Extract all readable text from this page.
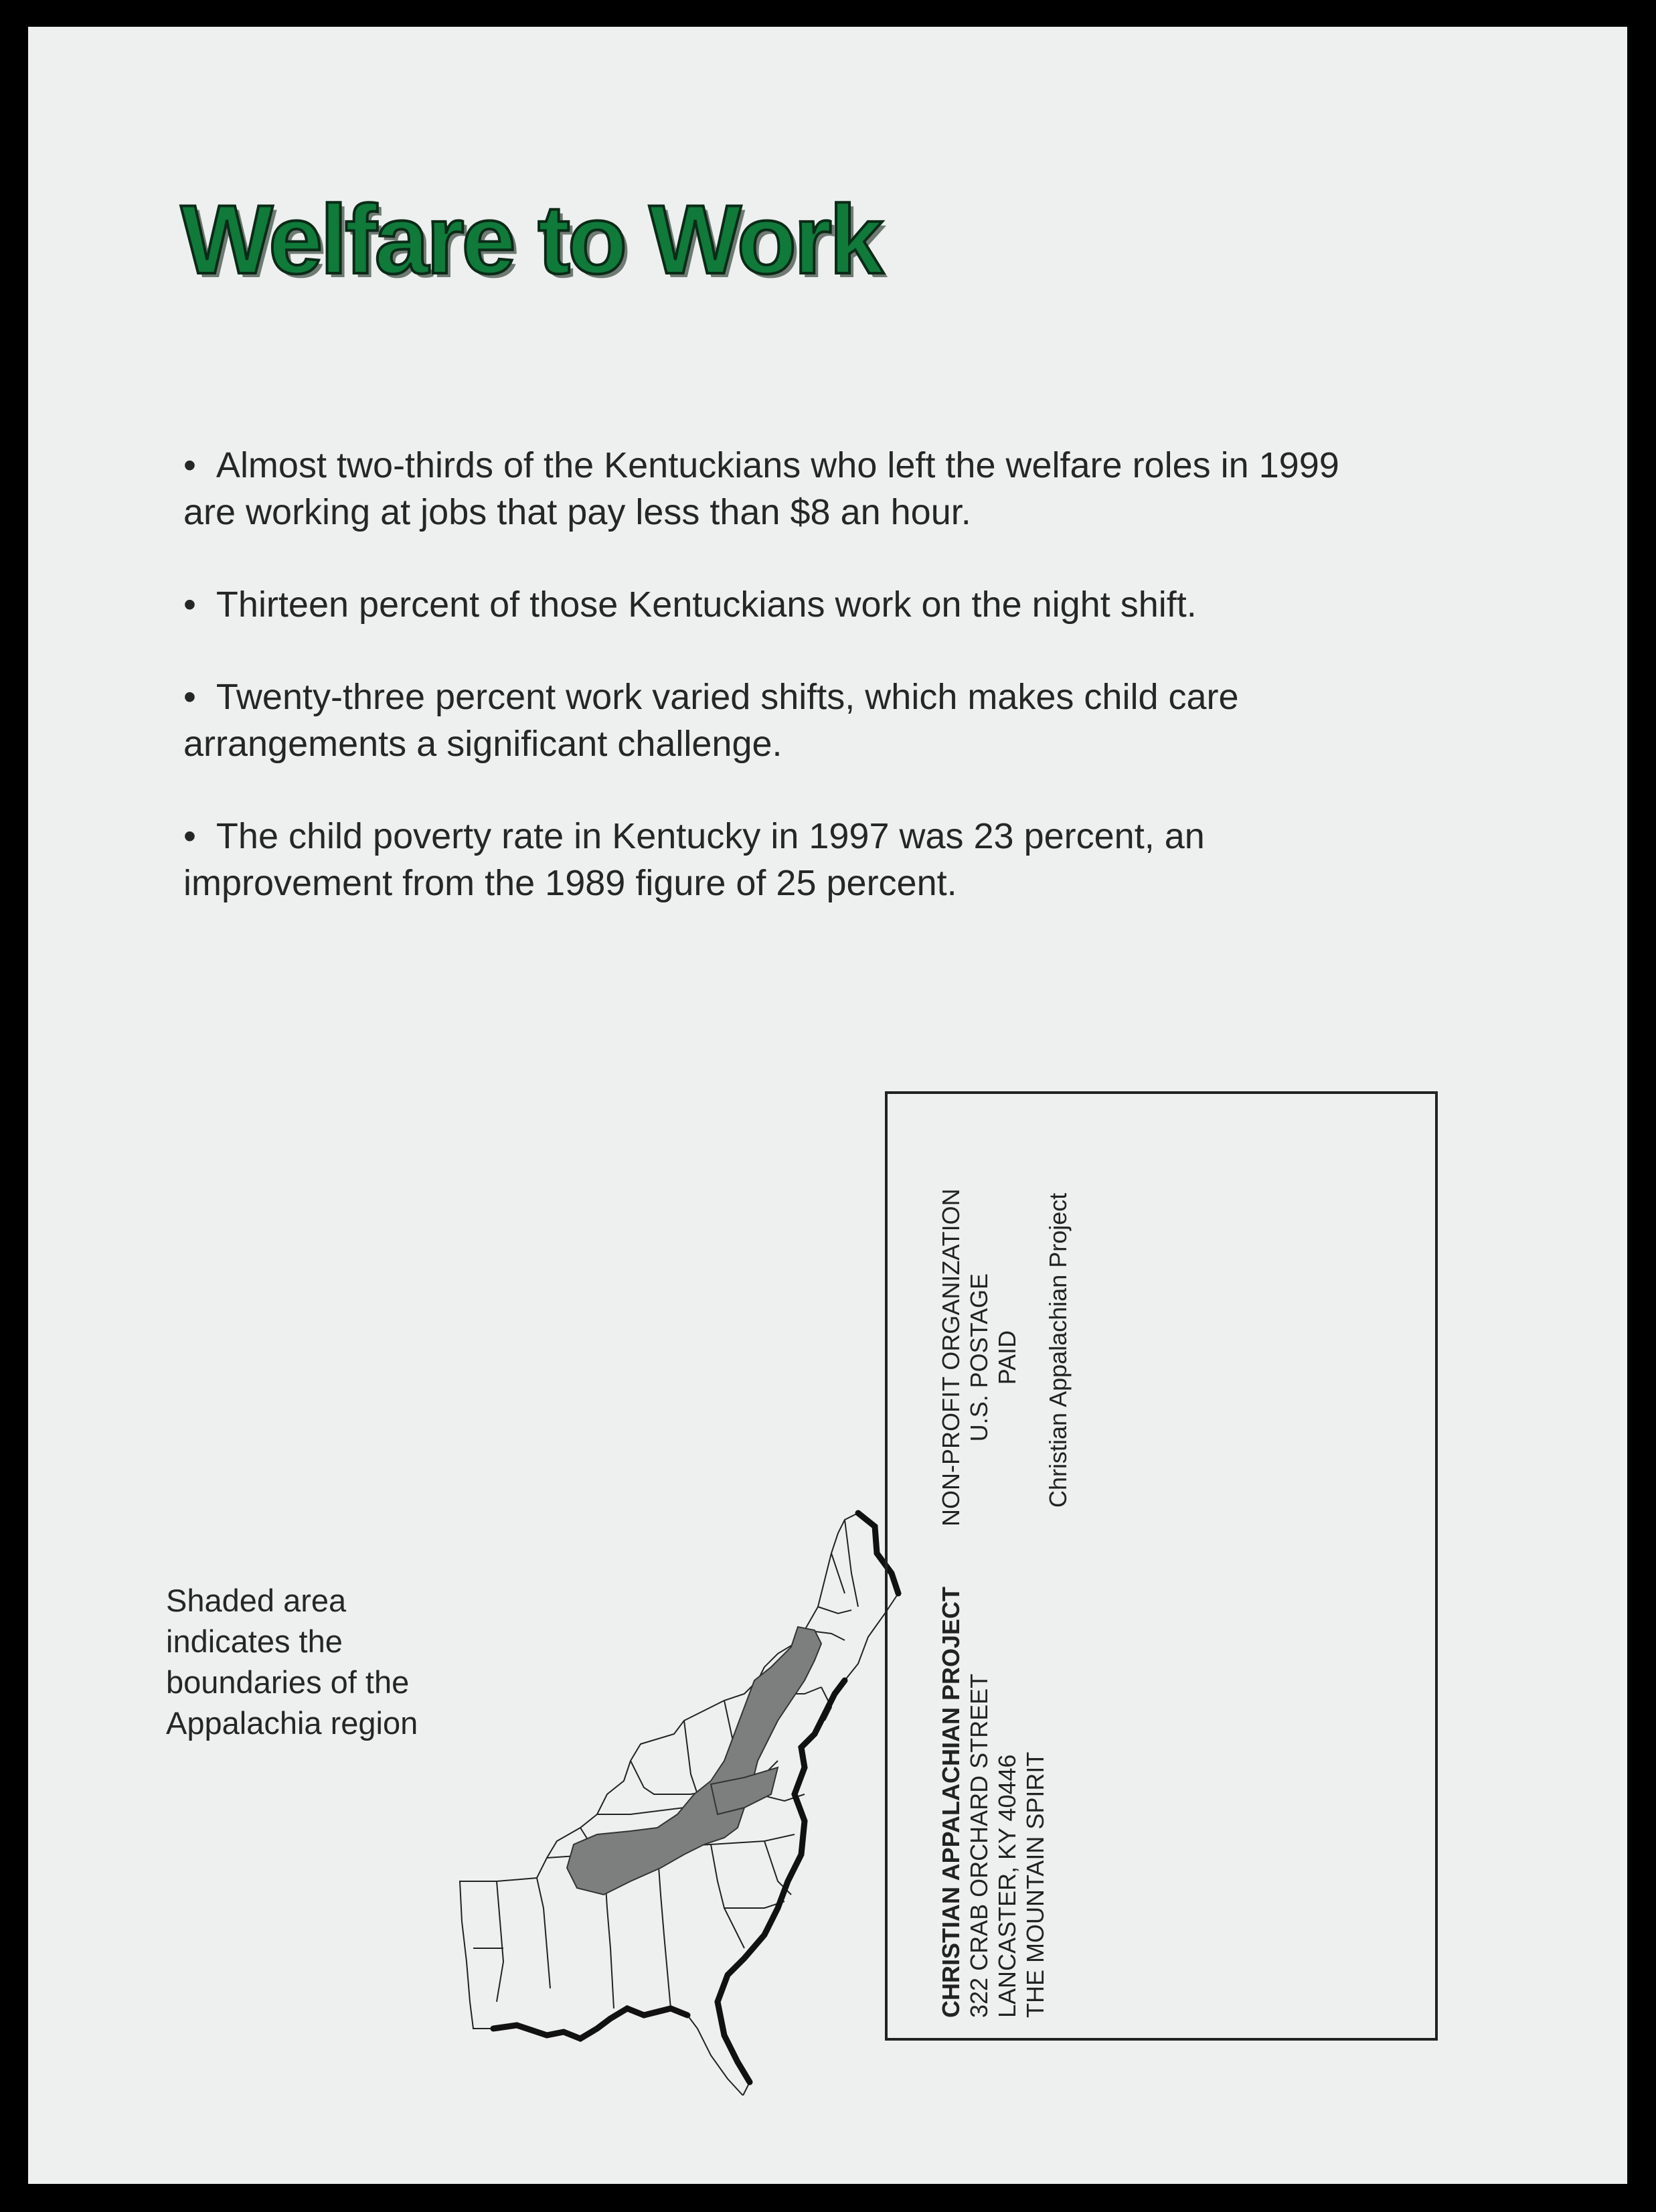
Welfare to Work
•  Almost two-thirds of the Kentuckians who left the welfare roles in 1999 are working at jobs that pay less than $8 an hour.
•  Thirteen percent of those Kentuckians work on the night shift.
•  Twenty-three percent work varied shifts, which makes child care arrangements a significant challenge.
•  The child poverty rate in Kentucky in 1997 was 23 percent, an improvement from the 1989 figure of 25 percent.
Shaded area indicates the boundaries of the Appalachia region
NON-PROFIT ORGANIZATION U.S. POSTAGE PAID Christian Appalachian Project
CHRISTIAN APPALACHIAN PROJECT 322 CRAB ORCHARD STREET LANCASTER, KY 40446 THE MOUNTAIN SPIRIT
